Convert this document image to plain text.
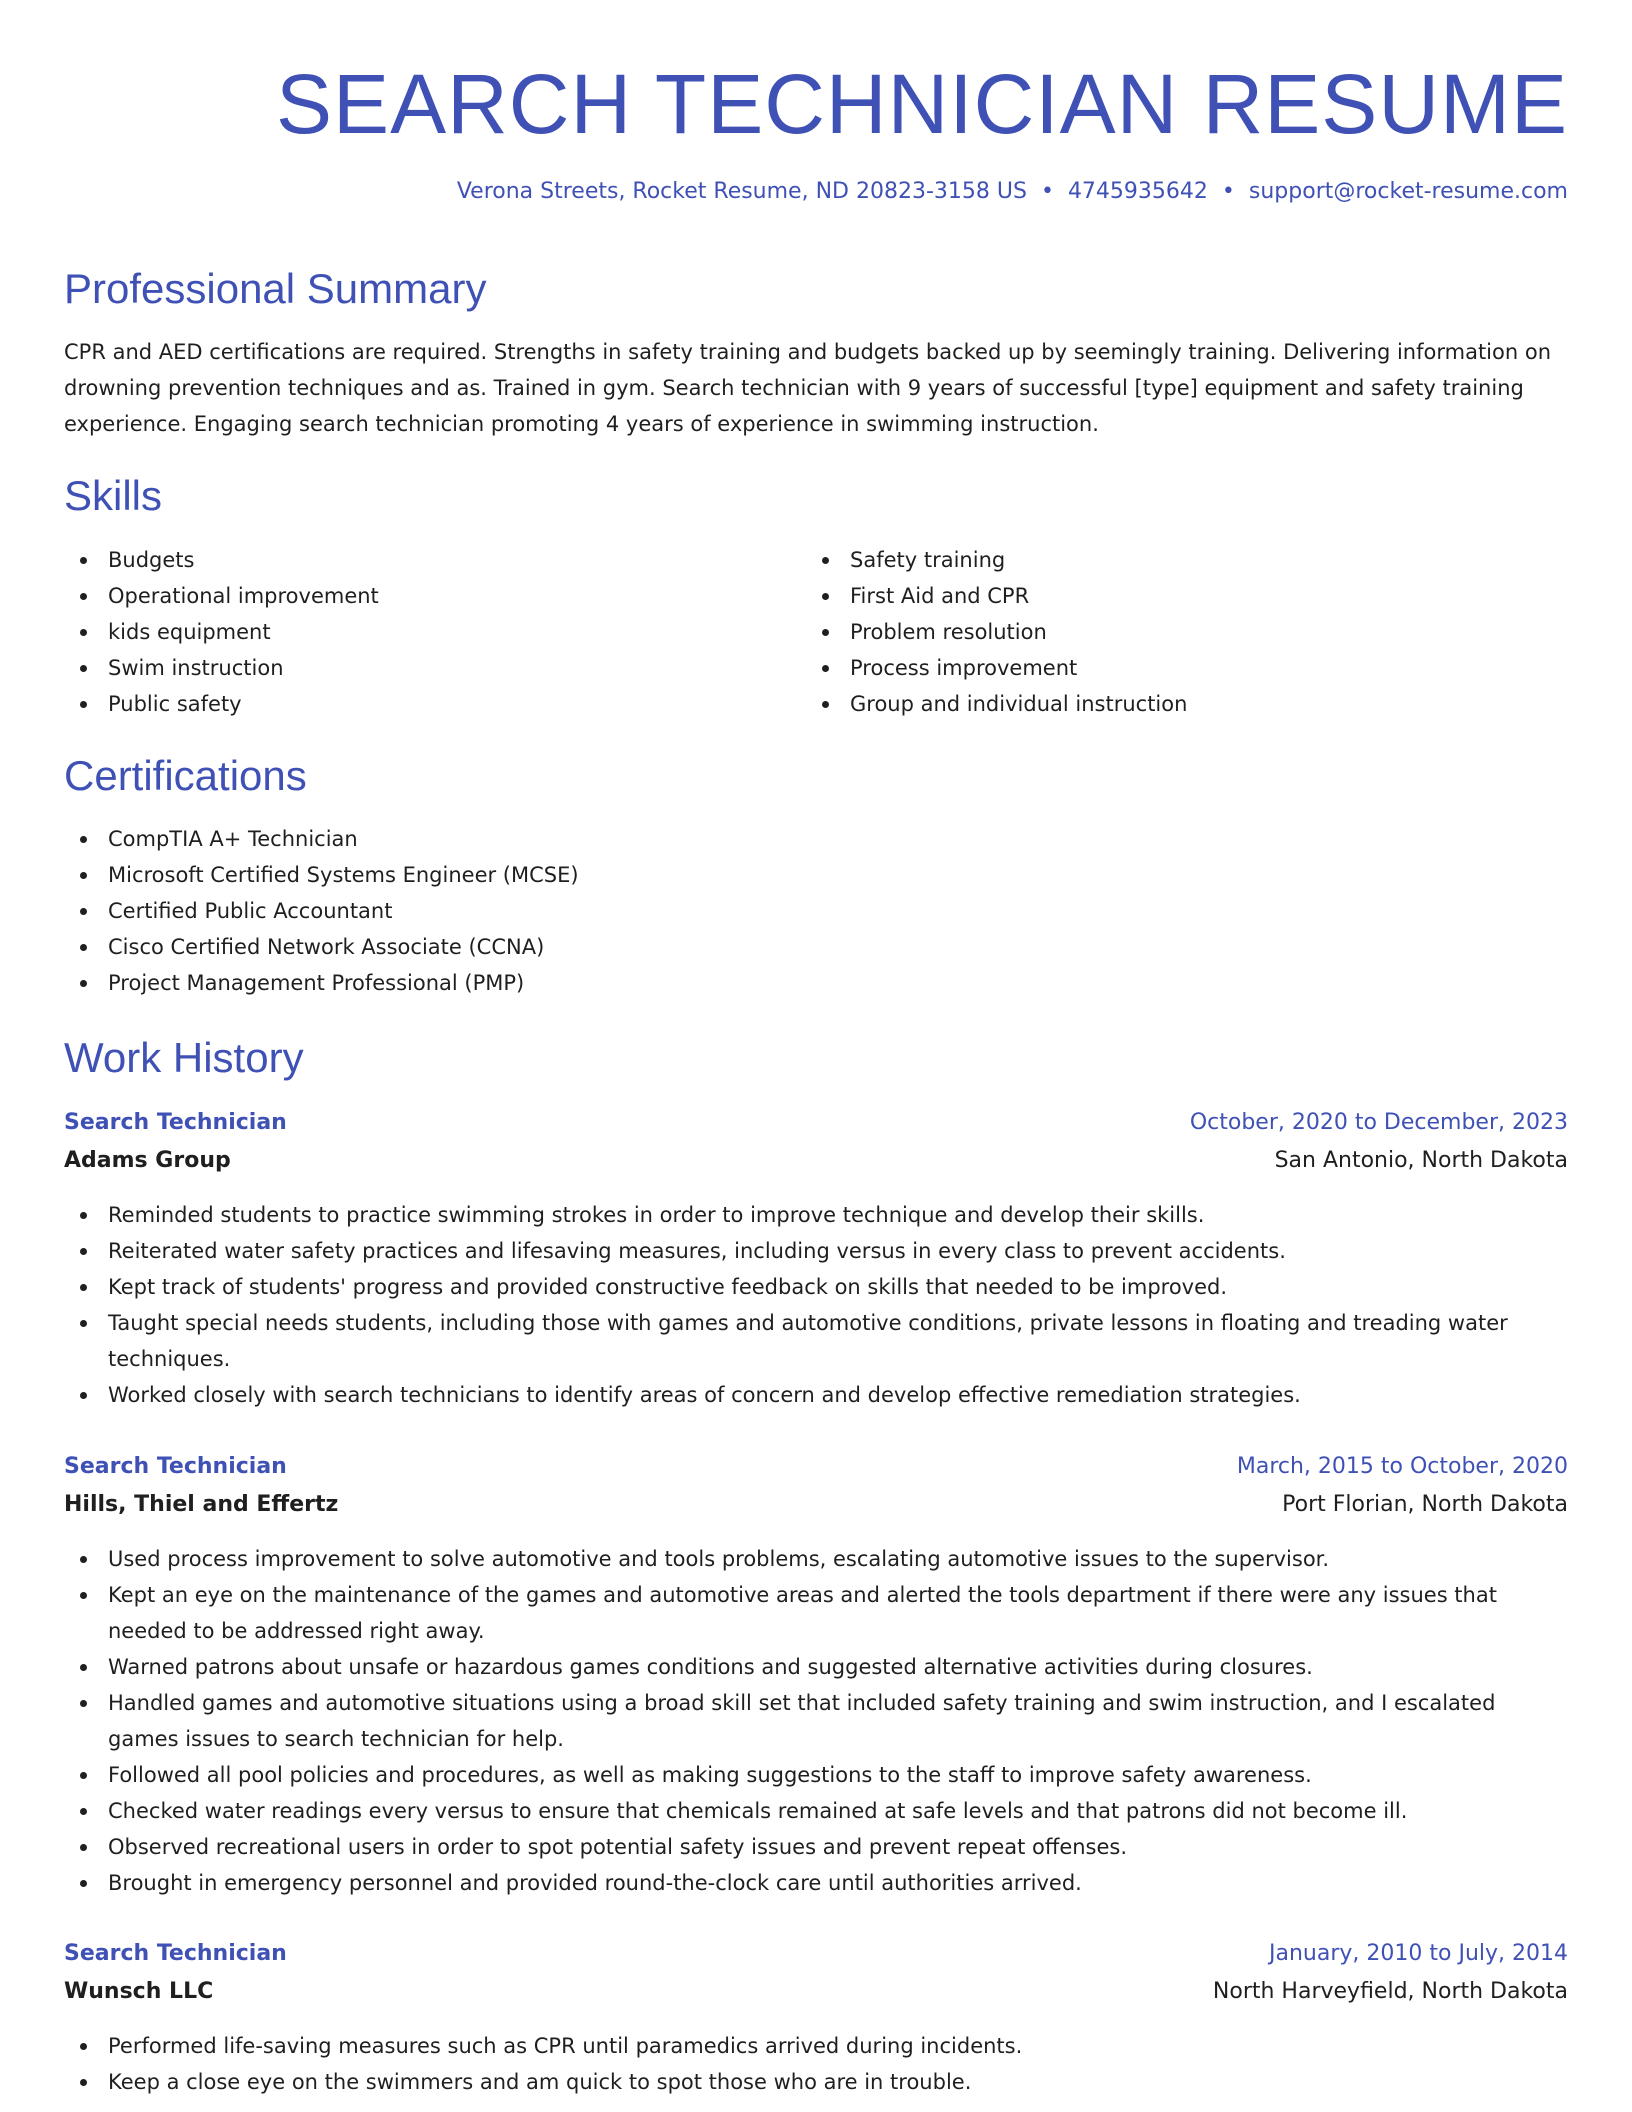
SEARCH TECHNICIAN RESUME
Verona Streets, Rocket Resume, ND 20823-3158 US • 4745935642 • support@rocket-resume.com
Professional Summary

CPR and AED certifications are required. Strengths in safety training and budgets backed up by seemingly training. Delivering information on drowning prevention techniques and as. Trained in gym. Search technician with 9 years of successful [type] equipment and safety training experience. Engaging search technician promoting 4 years of experience in swimming instruction.

Skills
Budgets
Operational improvement
kids equipment
Swim instruction
Public safety
Safety training
First Aid and CPR
Problem resolution
Process improvement
Group and individual instruction
Certifications
CompTIA A+ Technician
Microsoft Certified Systems Engineer (MCSE)
Certified Public Accountant
Cisco Certified Network Associate (CCNA)
Project Management Professional (PMP)
Work History
Search Technician	October, 2020 to December, 2023
Adams Group	San Antonio, North Dakota
Reminded students to practice swimming strokes in order to improve technique and develop their skills.
Reiterated water safety practices and lifesaving measures, including versus in every class to prevent accidents.
Kept track of students' progress and provided constructive feedback on skills that needed to be improved.
Taught special needs students, including those with games and automotive conditions, private lessons in floating and treading water techniques.
Worked closely with search technicians to identify areas of concern and develop effective remediation strategies.
Search Technician	March, 2015 to October, 2020
Hills, Thiel and Effertz	Port Florian, North Dakota
Used process improvement to solve automotive and tools problems, escalating automotive issues to the supervisor.
Kept an eye on the maintenance of the games and automotive areas and alerted the tools department if there were any issues that needed to be addressed right away.
Warned patrons about unsafe or hazardous games conditions and suggested alternative activities during closures.
Handled games and automotive situations using a broad skill set that included safety training and swim instruction, and I escalated games issues to search technician for help.
Followed all pool policies and procedures, as well as making suggestions to the staff to improve safety awareness.
Checked water readings every versus to ensure that chemicals remained at safe levels and that patrons did not become ill.
Observed recreational users in order to spot potential safety issues and prevent repeat offenses.
Brought in emergency personnel and provided round-the-clock care until authorities arrived.
Search Technician	January, 2010 to July, 2014
Wunsch LLC	North Harveyfield, North Dakota
Performed life-saving measures such as CPR until paramedics arrived during incidents.
Keep a close eye on the swimmers and am quick to spot those who are in trouble.
